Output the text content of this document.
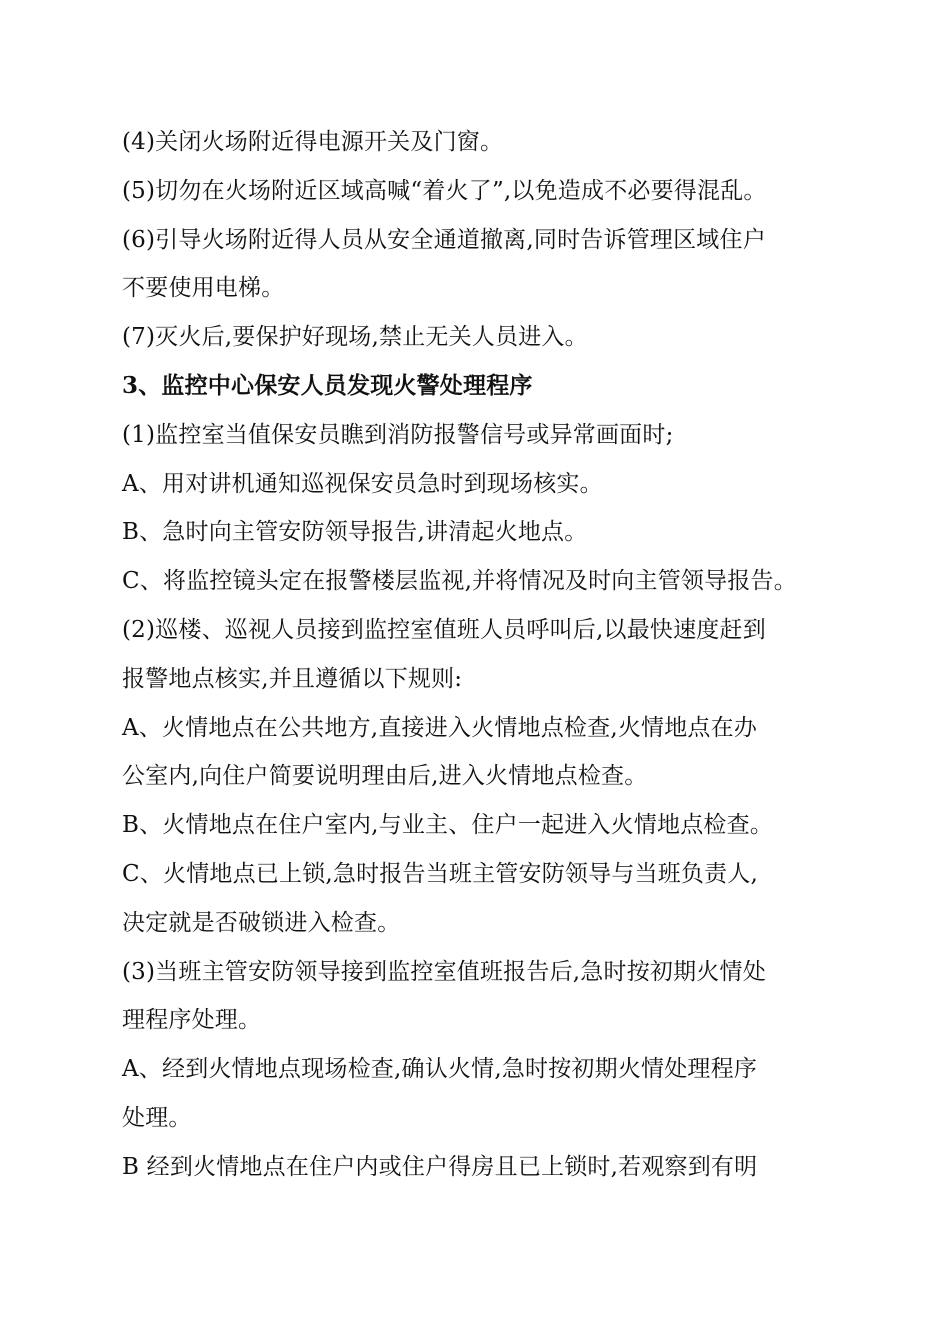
(4)关闭火场附近得电源开关及门窗。
(5)切勿在火场附近区域高喊“着火了”,以免造成不必要得混乱。
(6)引导火场附近得人员从安全通道撤离,同时告诉管理区域住户
不要使用电梯。
(7)灭火后,要保护好现场,禁止无关人员进入。
3、监控中心保安人员发现火警处理程序
(1)监控室当值保安员瞧到消防报警信号或异常画面时;
A、用对讲机通知巡视保安员急时到现场核实。
B、急时向主管安防领导报告,讲清起火地点。
C、将监控镜头定在报警楼层监视,并将情况及时向主管领导报告。
(2)巡楼、巡视人员接到监控室值班人员呼叫后,以最快速度赶到
报警地点核实,并且遵循以下规则:
A、火情地点在公共地方,直接进入火情地点检查,火情地点在办
公室内,向住户简要说明理由后,进入火情地点检查。
B、火情地点在住户室内,与业主、住户一起进入火情地点检查。
C、火情地点已上锁,急时报告当班主管安防领导与当班负责人,
决定就是否破锁进入检查。
(3)当班主管安防领导接到监控室值班报告后,急时按初期火情处
理程序处理。
A、经到火情地点现场检查,确认火情,急时按初期火情处理程序
处理。
B 经到火情地点在住户内或住户得房且已上锁时,若观察到有明
